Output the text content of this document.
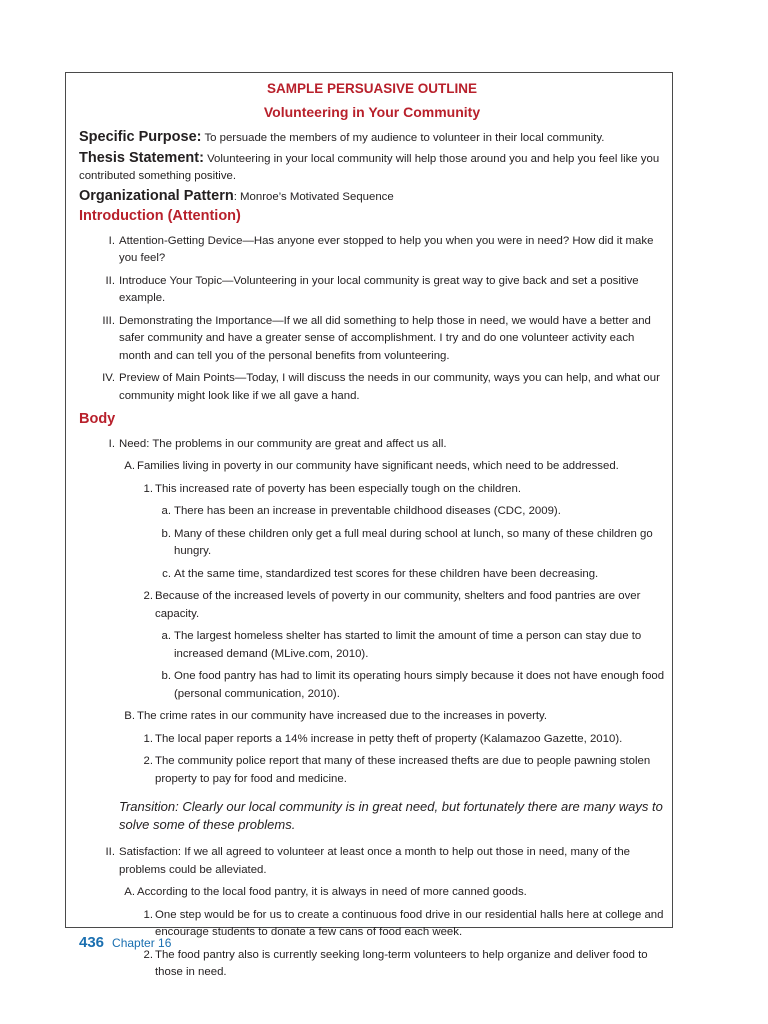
SAMPLE PERSUASIVE OUTLINE
Volunteering in Your Community
Specific Purpose: To persuade the members of my audience to volunteer in their local community.
Thesis Statement: Volunteering in your local community will help those around you and help you feel like you contributed something positive.
Organizational Pattern: Monroe’s Motivated Sequence
Introduction (Attention)
I. Attention-Getting Device—Has anyone ever stopped to help you when you were in need? How did it make you feel?
II. Introduce Your Topic—Volunteering in your local community is great way to give back and set a positive example.
III. Demonstrating the Importance—If we all did something to help those in need, we would have a better and safer community and have a greater sense of accomplishment. I try and do one volunteer activity each month and can tell you of the personal benefits from volunteering.
IV. Preview of Main Points—Today, I will discuss the needs in our community, ways you can help, and what our community might look like if we all gave a hand.
Body
I. Need: The problems in our community are great and affect us all.
A. Families living in poverty in our community have significant needs, which need to be addressed.
1. This increased rate of poverty has been especially tough on the children.
a. There has been an increase in preventable childhood diseases (CDC, 2009).
b. Many of these children only get a full meal during school at lunch, so many of these children go hungry.
c. At the same time, standardized test scores for these children have been decreasing.
2. Because of the increased levels of poverty in our community, shelters and food pantries are over capacity.
a. The largest homeless shelter has started to limit the amount of time a person can stay due to increased demand (MLive.com, 2010).
b. One food pantry has had to limit its operating hours simply because it does not have enough food (personal communication, 2010).
B. The crime rates in our community have increased due to the increases in poverty.
1. The local paper reports a 14% increase in petty theft of property (Kalamazoo Gazette, 2010).
2. The community police report that many of these increased thefts are due to people pawning stolen property to pay for food and medicine.
Transition: Clearly our local community is in great need, but fortunately there are many ways to solve some of these problems.
II. Satisfaction: If we all agreed to volunteer at least once a month to help out those in need, many of the problems could be alleviated.
A. According to the local food pantry, it is always in need of more canned goods.
1. One step would be for us to create a continuous food drive in our residential halls here at college and encourage students to donate a few cans of food each week.
2. The food pantry also is currently seeking long-term volunteers to help organize and deliver food to those in need.
436 Chapter 16
